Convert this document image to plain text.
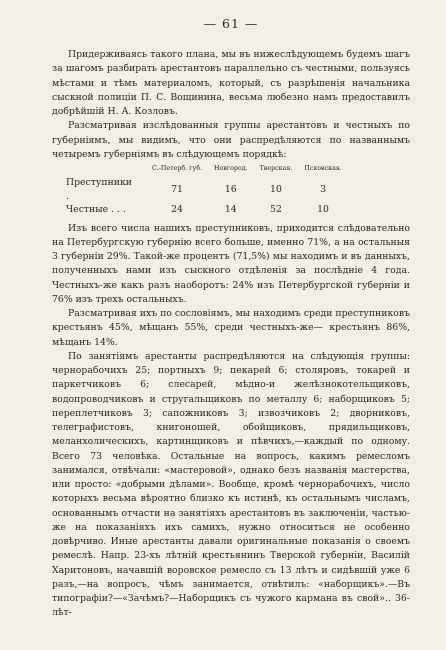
— 61 —

Придерживаясь такого плана, мы въ нижеслѣдующемъ будемъ шагъ за шагомъ разбирать арестантовъ параллельно съ честными, пользуясь мѣстами и тѣмъ материаломъ, который, съ разрѣшенія начальника сыскной полиціи П. С. Вощинина, весьма любезно намъ предоставилъ добрѣйшій Н. А. Козловъ.

Разсматривая изслѣдованныя группы арестантовъ и честныхъ по губерніямъ, мы видимъ, что они распредѣляются по названнымъ четыремъ губерніямъ въ слѣдующемъ порядкѣ:

	С.-Петерб. губ.	Новгород.	Тверская.	Псковская.
Преступники .	71	16	10	3
Честные . . .	24	14	52	10

Изъ всего числа нашихъ преступниковъ, приходится слѣдовательно на Петербургскую губернію всего больше, именно 71%, а на остальныя 3 губерніи 29%. Такой-же процентъ (71,5%) мы находимъ и въ данныхъ, полученныхъ нами изъ сыскного отдѣленія за послѣдніе 4 года. Честныхъ-же какъ разъ наоборотъ: 24% изъ Петербургской губерніи и 76% изъ трехъ остальныхъ.

Разсматривая ихъ по сословіямъ, мы находимъ среди преступниковъ крестьянъ 45%, мѣщанъ 55%, среди честныхъ-же— крестьянъ 86%, мѣщанъ 14%.

По занятіямъ арестанты распредѣляются на слѣдующія группы: чернорабочихъ 25; портныхъ 9; пекарей 6; столяровъ, токарей и паркетчиковъ 6; слесарей, мѣдно-и желѣзнокотельщиковъ, водопроводчиковъ и стругальщиковъ по металлу 6; наборщиковъ 5; переплетчиковъ 3; сапожниковъ 3; извозчиковъ 2; дворниковъ, телеграфистовъ, книгоношей, обойщиковъ, прядильщиковъ, меланхолическихъ, картинщиковъ и пѣвчихъ,—каждый по одному. Всего 73 человѣка. Остальные на вопросъ, какимъ ремесломъ занимался, отвѣчали: «мастеровой», однако безъ названія мастерства, или просто: «добрыми дѣлами». Вообще, кромѣ чернорабочихъ, число которыхъ весьма вѣроятно близко къ истинѣ, къ остальнымъ числамъ, основаннымъ отчасти на занятіяхъ арестантовъ въ заключеніи, частью-же на показаніяхъ ихъ самихъ, нужно относиться не особенно довѣрчиво. Иные арестанты давали оригинальные показанія о своемъ ремеслѣ. Напр. 23-хъ лѣтній крестьянинъ Тверской губерніи, Василій Харитоновъ, начавшій воровское ремесло съ 13 лѣтъ и сидѣвшій уже 6 разъ,—на вопросъ, чѣмъ занимается, отвѣтилъ: «наборщикъ».—Въ типографіи?—«Зачѣмъ?—Наборщикъ съ чужого кармана въ свой».. 36-лѣт-
